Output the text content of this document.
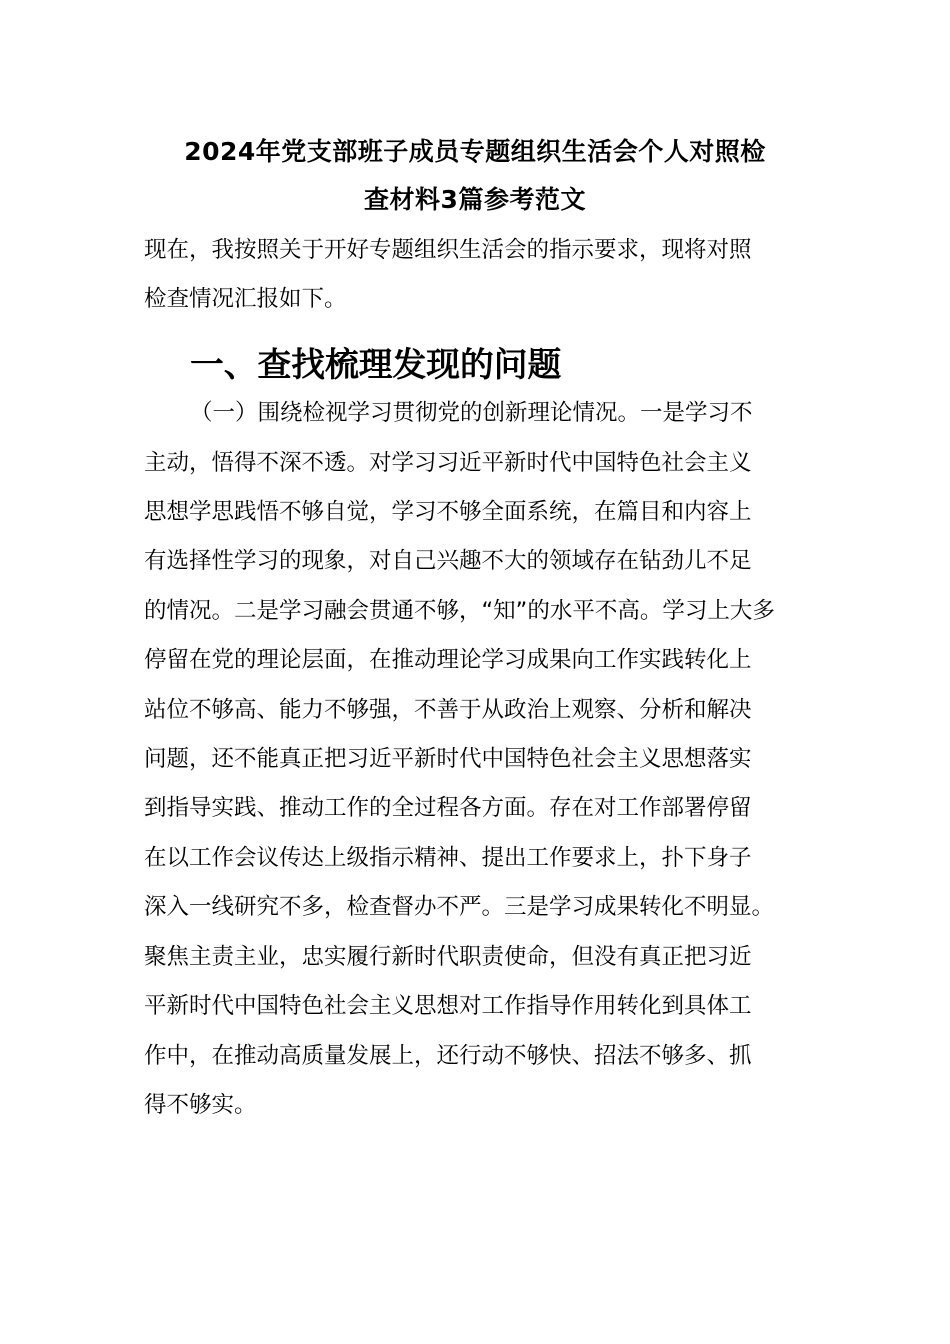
2024年党支部班子成员专题组织生活会个人对照检
查材料3篇参考范文

现在，我按照关于开好专题组织生活会的指示要求，现将对照
检查情况汇报如下。

一、查找梳理发现的问题

（一）围绕检视学习贯彻党的创新理论情况。一是学习不
主动，悟得不深不透。对学习习近平新时代中国特色社会主义
思想学思践悟不够自觉，学习不够全面系统，在篇目和内容上
有选择性学习的现象，对自己兴趣不大的领域存在钻劲儿不足
的情况。二是学习融会贯通不够，“知”的水平不高。学习上大多
停留在党的理论层面，在推动理论学习成果向工作实践转化上
站位不够高、能力不够强，不善于从政治上观察、分析和解决
问题，还不能真正把习近平新时代中国特色社会主义思想落实
到指导实践、推动工作的全过程各方面。存在对工作部署停留
在以工作会议传达上级指示精神、提出工作要求上，扑下身子
深入一线研究不多，检查督办不严。三是学习成果转化不明显。
聚焦主责主业，忠实履行新时代职责使命，但没有真正把习近
平新时代中国特色社会主义思想对工作指导作用转化到具体工
作中，在推动高质量发展上，还行动不够快、招法不够多、抓
得不够实。
